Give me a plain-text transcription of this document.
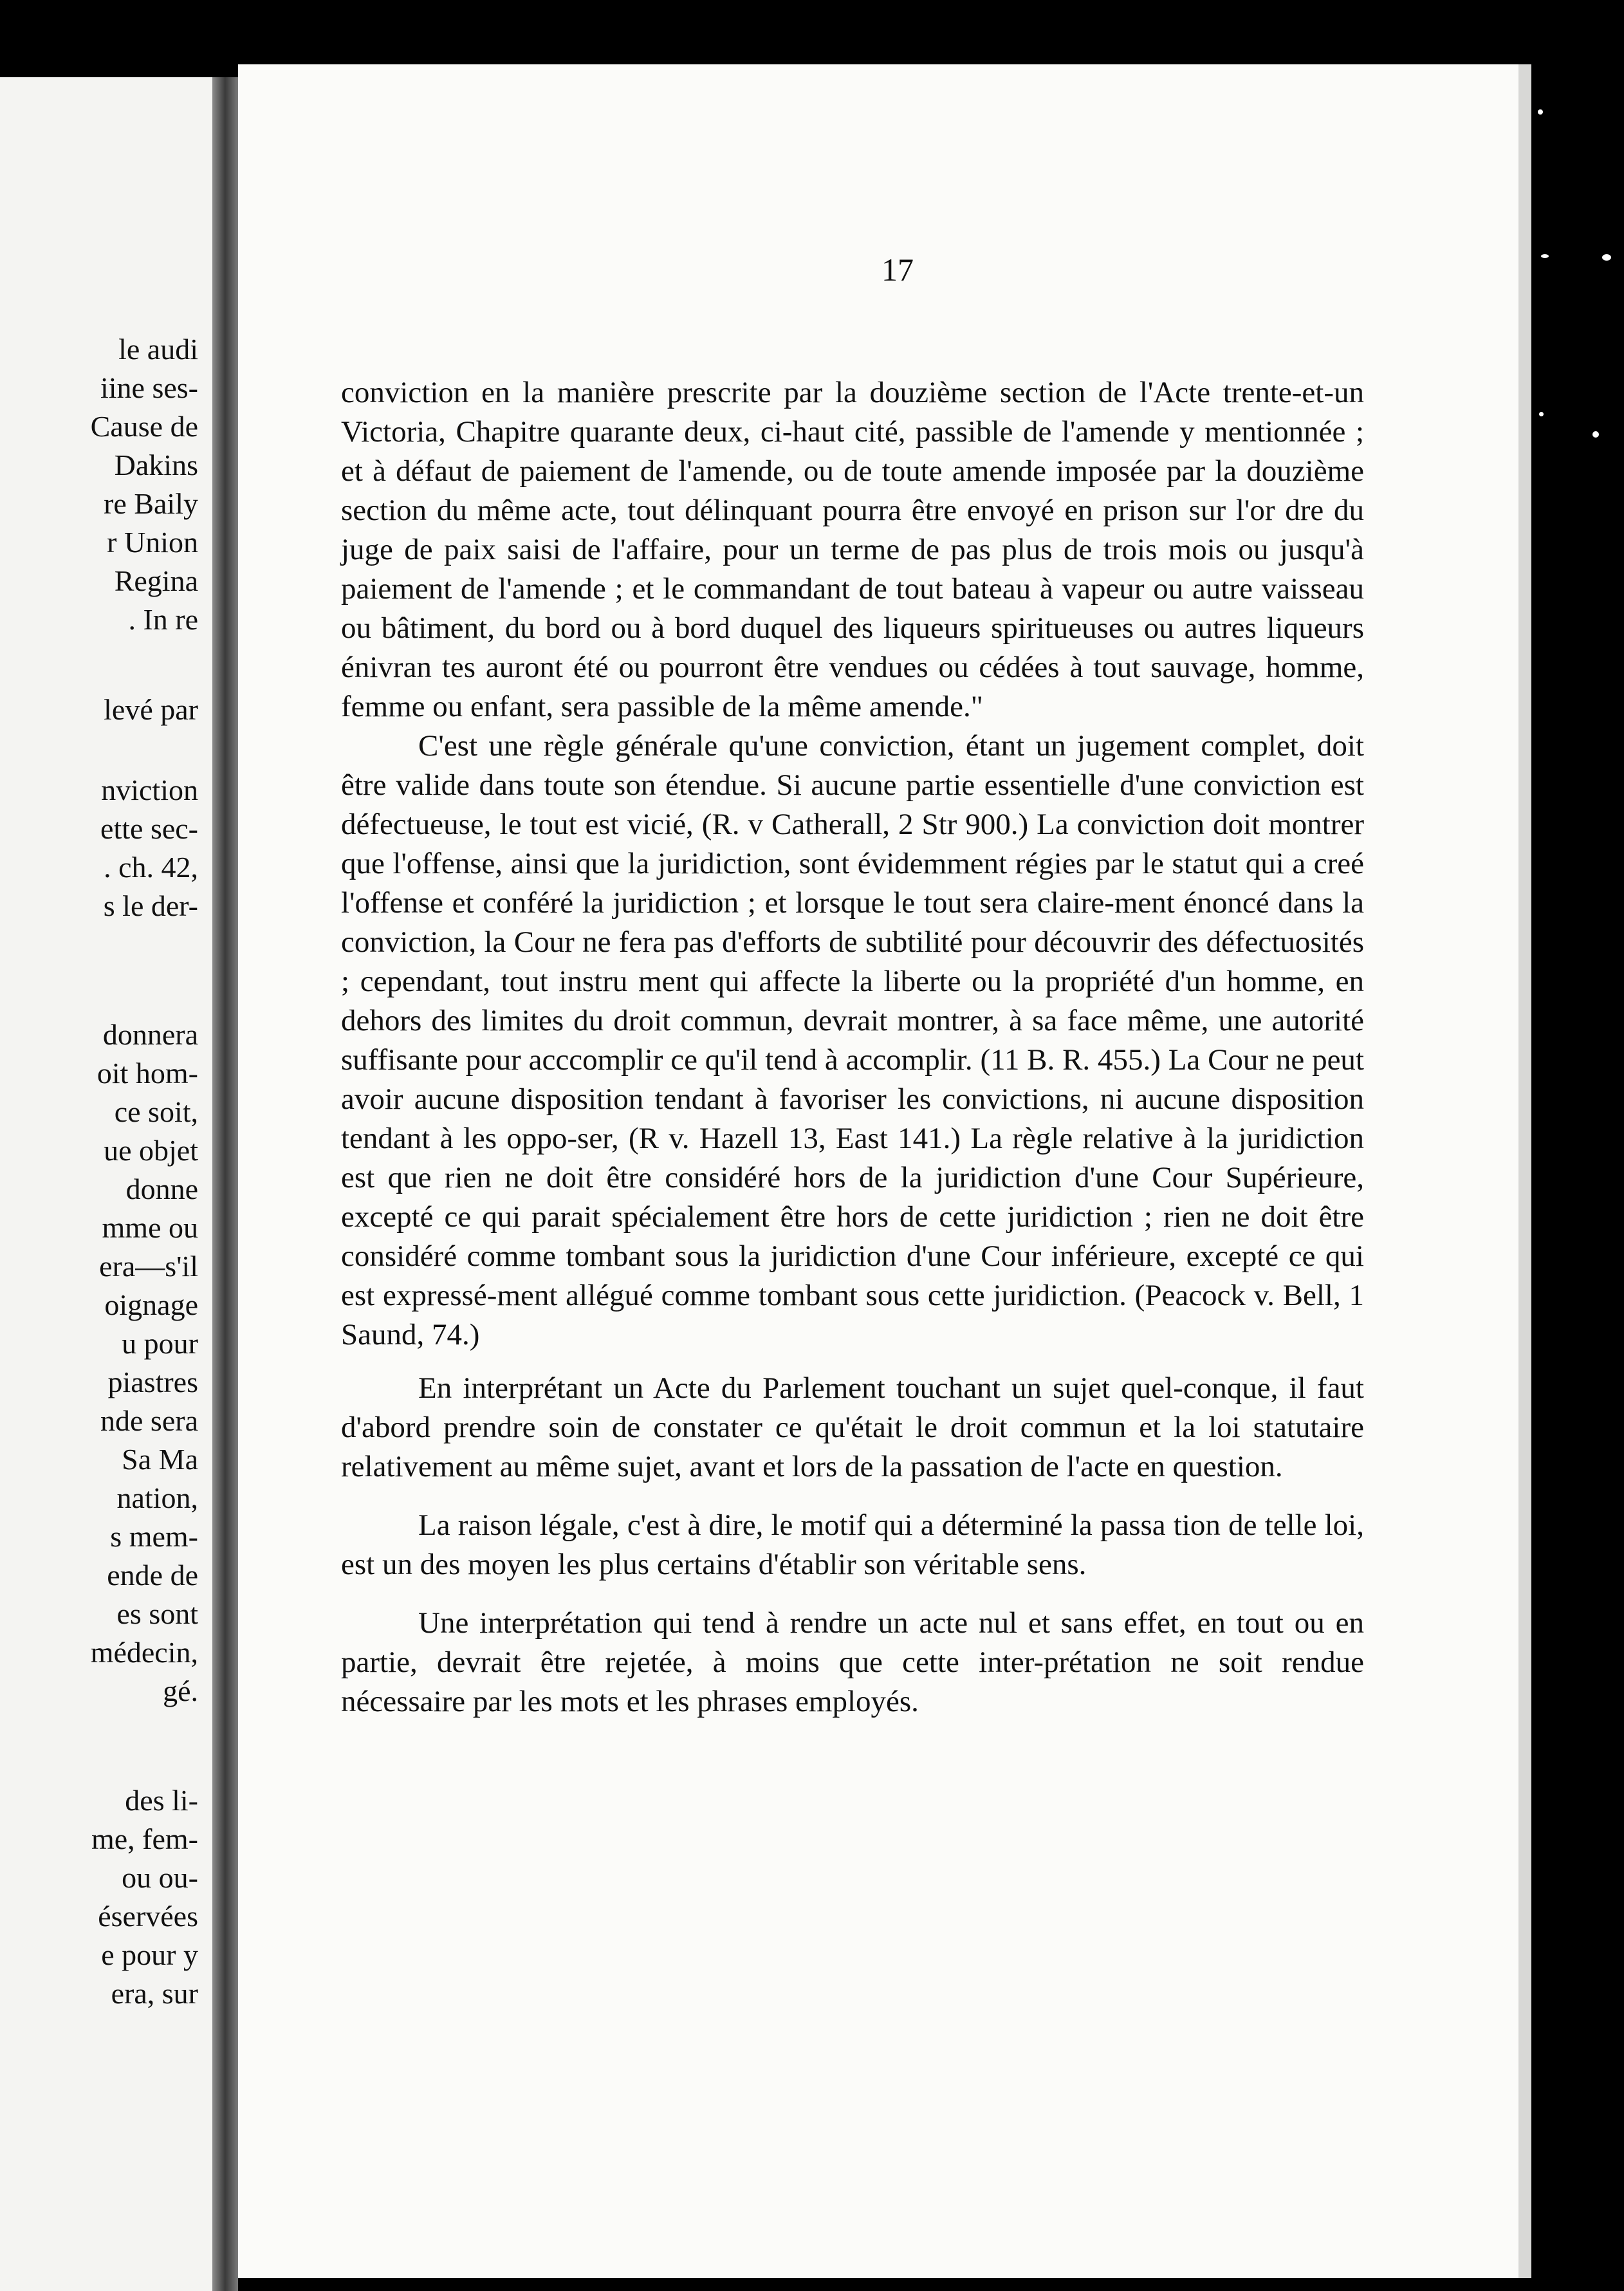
le audi
iine ses-
Cause de
Dakins
re Baily
r Union
Regina
. In re
levé par
nviction
ette sec-
. ch. 42,
s le der-
donnera
oit hom-
ce soit,
ue objet
donne
mme ou
era—s'il
oignage
u pour
piastres
nde sera
Sa Ma
nation,
s mem-
ende de
es sont
médecin,
gé.
des li-
me, fem-
ou ou-
éservées
e pour y
era, sur
17

conviction en la manière prescrite par la douzième section de l'Acte trente-et-un Victoria, Chapitre quarante deux, ci-haut cité, passible de l'amende y mentionnée ; et à défaut de paiement de l'amende, ou de toute amende imposée par la douzième section du même acte, tout délinquant pourra être envoyé en prison sur l'or dre du juge de paix saisi de l'affaire, pour un terme de pas plus de trois mois ou jusqu'à paiement de l'amende ; et le commandant de tout bateau à vapeur ou autre vaisseau ou bâtiment, du bord ou à bord duquel des liqueurs spiritueuses ou autres liqueurs énivran tes auront été ou pourront être vendues ou cédées à tout sauvage, homme, femme ou enfant, sera passible de la même amende."

C'est une règle générale qu'une conviction, étant un jugement complet, doit être valide dans toute son étendue. Si aucune partie essentielle d'une conviction est défectueuse, le tout est vicié, (R. v Catherall, 2 Str 900.) La conviction doit montrer que l'offense, ainsi que la juridiction, sont évidemment régies par le statut qui a creé l'offense et conféré la juridiction ; et lorsque le tout sera claire-ment énoncé dans la conviction, la Cour ne fera pas d'efforts de subtilité pour découvrir des défectuosités ; cependant, tout instru ment qui affecte la liberte ou la propriété d'un homme, en dehors des limites du droit commun, devrait montrer, à sa face même, une autorité suffisante pour acccomplir ce qu'il tend à accomplir. (11 B. R. 455.) La Cour ne peut avoir aucune disposition tendant à favoriser les convictions, ni aucune disposition tendant à les oppo-ser, (R v. Hazell 13, East 141.) La règle relative à la juridiction est que rien ne doit être considéré hors de la juridiction d'une Cour Supérieure, excepté ce qui parait spécialement être hors de cette juridiction ; rien ne doit être considéré comme tombant sous la juridiction d'une Cour inférieure, excepté ce qui est expressé-ment allégué comme tombant sous cette juridiction. (Peacock v. Bell, 1 Saund, 74.)

En interprétant un Acte du Parlement touchant un sujet quel-conque, il faut d'abord prendre soin de constater ce qu'était le droit commun et la loi statutaire relativement au même sujet, avant et lors de la passation de l'acte en question.

La raison légale, c'est à dire, le motif qui a déterminé la passa tion de telle loi, est un des moyen les plus certains d'établir son véritable sens.

Une interprétation qui tend à rendre un acte nul et sans effet, en tout ou en partie, devrait être rejetée, à moins que cette inter-prétation ne soit rendue nécessaire par les mots et les phrases employés.
